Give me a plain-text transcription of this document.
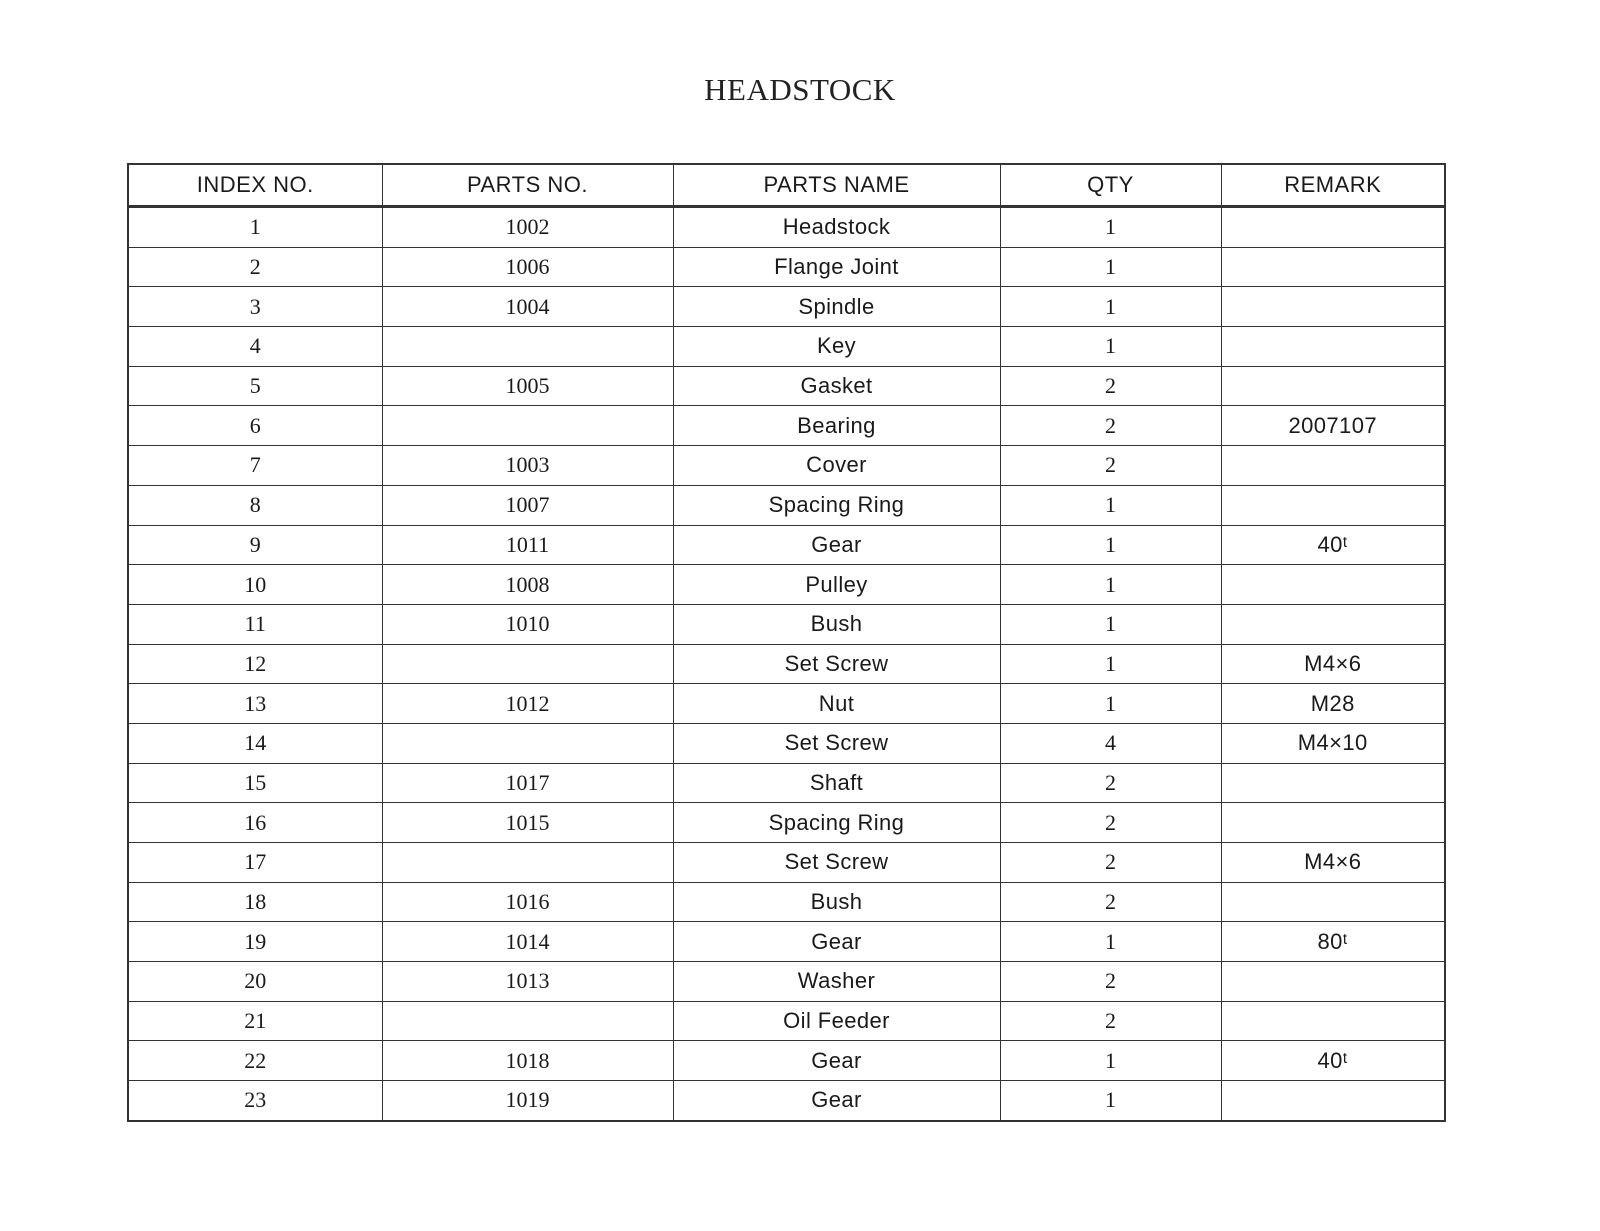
HEADSTOCK
INDEX NO.	PARTS NO.	PARTS NAME	QTY	REMARK
1	1002	Headstock	1	
2	1006	Flange Joint	1	
3	1004	Spindle	1	
4		Key	1	
5	1005	Gasket	2	
6		Bearing	2	2007107
7	1003	Cover	2	
8	1007	Spacing Ring	1	
9	1011	Gear	1	40ᵗ
10	1008	Pulley	1	
11	1010	Bush	1	
12		Set Screw	1	M4×6
13	1012	Nut	1	M28
14		Set Screw	4	M4×10
15	1017	Shaft	2	
16	1015	Spacing Ring	2	
17		Set Screw	2	M4×6
18	1016	Bush	2	
19	1014	Gear	1	80ᵗ
20	1013	Washer	2	
21		Oil Feeder	2	
22	1018	Gear	1	40ᵗ
23	1019	Gear	1	
